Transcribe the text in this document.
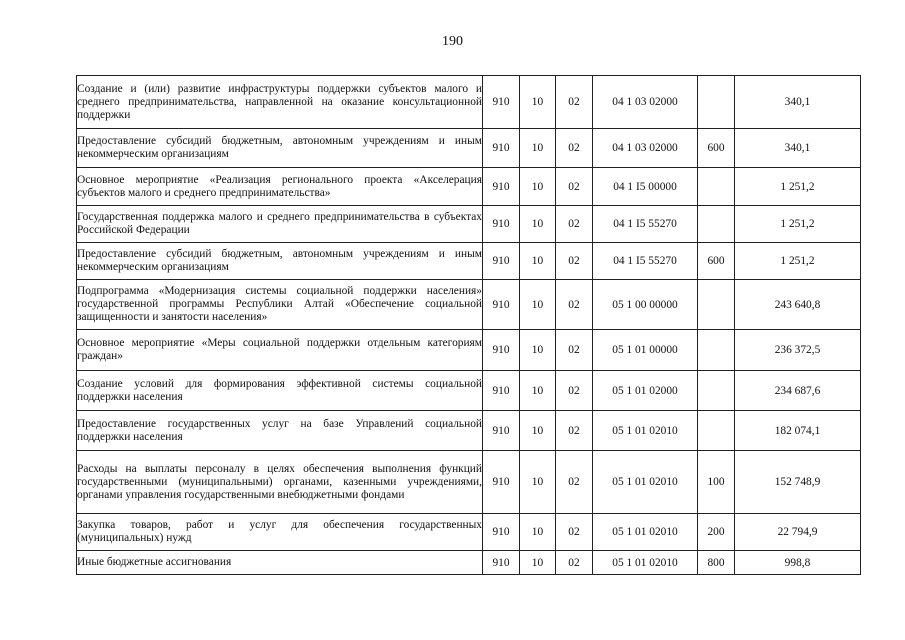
190
Создание и (или) развитие инфраструктуры поддержки субъектов малого и среднего предпринимательства, направленной на оказание консультационной поддержки	910	10	02	04 1 03 02000		340,1
Предоставление субсидий бюджетным, автономным учреждениям и иным некоммерческим организациям	910	10	02	04 1 03 02000	600	340,1
Основное мероприятие «Реализация регионального проекта «Акселерация субъектов малого и среднего предпринимательства»	910	10	02	04 1 I5 00000		1 251,2
Государственная поддержка малого и среднего предпринимательства в субъектах Российской Федерации	910	10	02	04 1 I5 55270		1 251,2
Предоставление субсидий бюджетным, автономным учреждениям и иным некоммерческим организациям	910	10	02	04 1 I5 55270	600	1 251,2
Подпрограмма «Модернизация системы социальной поддержки населения» государственной программы Республики Алтай «Обеспечение социальной защищенности и занятости населения»	910	10	02	05 1 00 00000		243 640,8
Основное мероприятие «Меры социальной поддержки отдельным категориям граждан»	910	10	02	05 1 01 00000		236 372,5
Создание условий для формирования эффективной системы социальной поддержки населения	910	10	02	05 1 01 02000		234 687,6
Предоставление государственных услуг на базе Управлений социальной поддержки населения	910	10	02	05 1 01 02010		182 074,1
Расходы на выплаты персоналу в целях обеспечения выполнения функций государственными (муниципальными) органами, казенными учреждениями, органами управления государственными внебюджетными фондами	910	10	02	05 1 01 02010	100	152 748,9
Закупка товаров, работ и услуг для обеспечения государственных (муниципальных) нужд	910	10	02	05 1 01 02010	200	22 794,9
Иные бюджетные ассигнования	910	10	02	05 1 01 02010	800	998,8
